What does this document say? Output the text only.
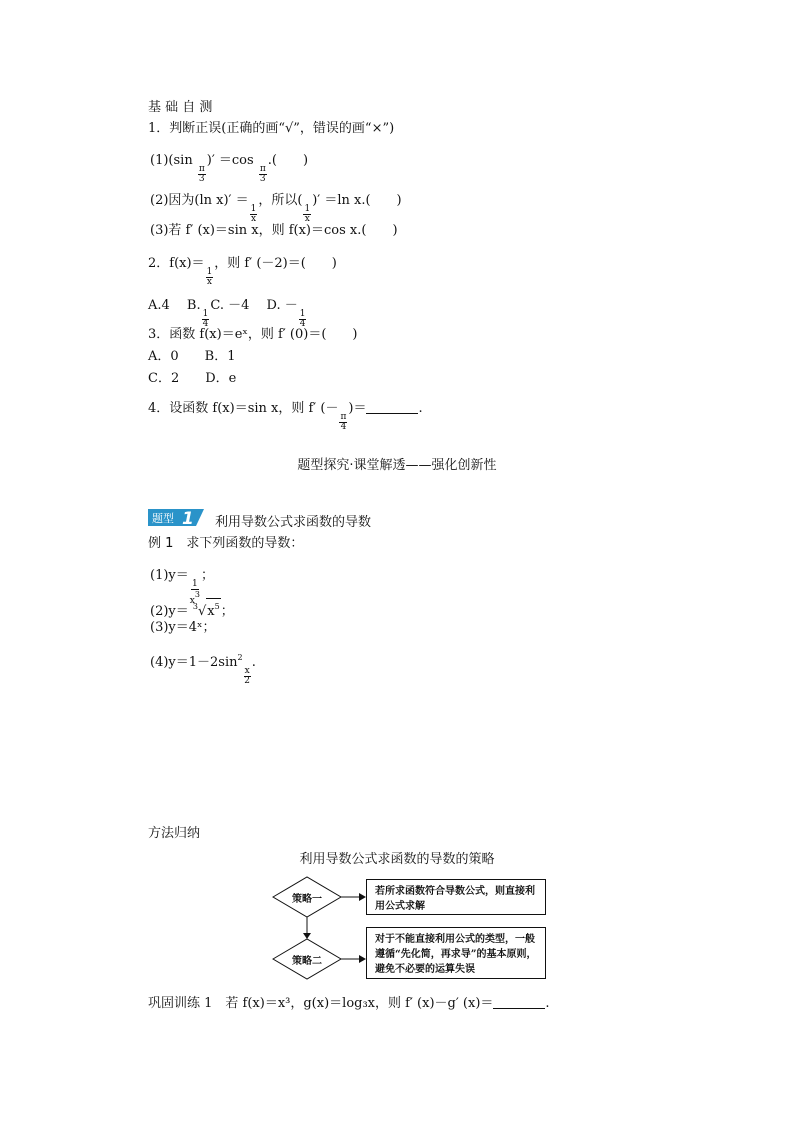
基 础 自 测
1．判断正误(正确的画“√”，错误的画“×”)
(1)(sin
$\frac{\pi}{3}$
)′ ＝cos
$\frac{\pi}{3}$
.(　　)
(2)因为(ln x)′ ＝
$\frac{1}{x}$
，所以(
$\frac{1}{x}$
)′ ＝ln x.(　　)
(3)若 f′ (x)＝sin x，则 f(x)＝cos x.(　　)
2．f(x)＝
$\frac{1}{x}$
，则 f′ (－2)＝(　　)
A.4　 B.
$\frac{1}{4}$
C. －4　 D. －
$\frac{1}{4}$
3．函数 f(x)＝eˣ，则 f′ (0)＝(　　)
A．0　　B．1
C．2　　D．e
4．设函数 f(x)＝sin x，则 f′ (－
$\frac{\pi}{4}$
)＝	.
题型探究·课堂解透——强化创新性
题型 1 利用导数公式求函数的导数
例 1　求下列函数的导数：
(1)y＝
$\frac{1}{x3}$
；
$(2)y= ^3√x^5$；
(3)y＝4ˣ；
$(4)y=1-2\sin^2$
$\frac{x}{2}$
.
方法归纳
利用导数公式求函数的导数的策略
策略一
策略二
若所求函数符合导数公式，则直接利用公式求解
对于不能直接利用公式的类型，一般遵循“先化简，再求导”的基本原则，避免不必要的运算失误
巩固训练 1　若 f(x)＝x³，g(x)＝log₃x，则 f′ (x)－g′ (x)＝	.
